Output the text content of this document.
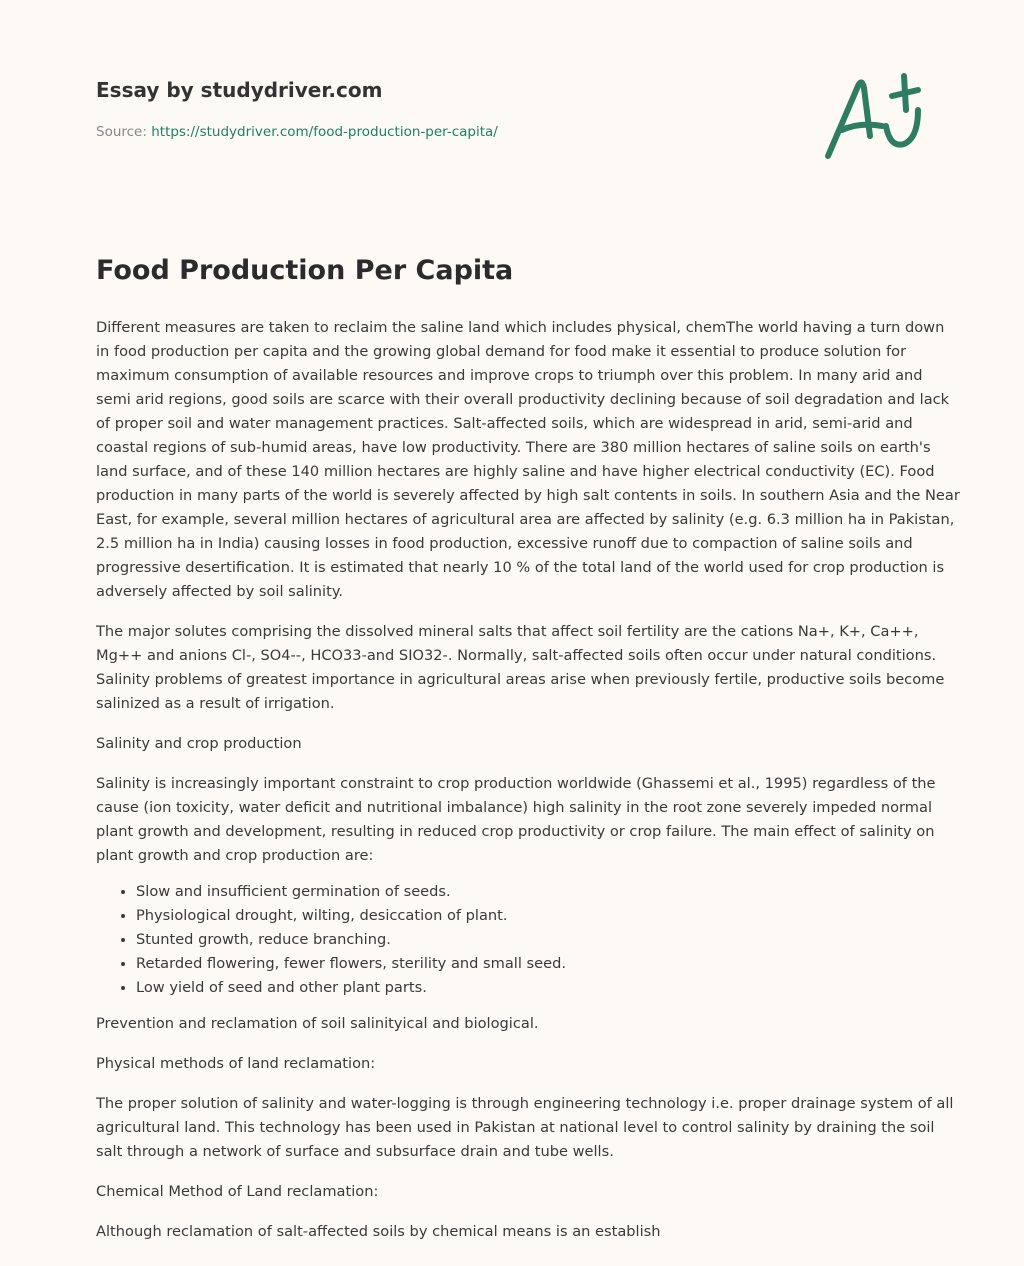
Essay by studydriver.com
Source: https://studydriver.com/food-production-per-capita/
Food Production Per Capita

Different measures are taken to reclaim the saline land which includes physical, chemThe world having a turn down in food production per capita and the growing global demand for food make it essential to produce solution for maximum consumption of available resources and improve crops to triumph over this problem. In many arid and semi arid regions, good soils are scarce with their overall productivity declining because of soil degradation and lack of proper soil and water management practices. Salt-affected soils, which are widespread in arid, semi-arid and coastal regions of sub-humid areas, have low productivity. There are 380 million hectares of saline soils on earth's land surface, and of these 140 million hectares are highly saline and have higher electrical conductivity (EC). Food production in many parts of the world is severely affected by high salt contents in soils. In southern Asia and the Near East, for example, several million hectares of agricultural area are affected by salinity (e.g. 6.3 million ha in Pakistan, 2.5 million ha in India) causing losses in food production, excessive runoff due to compaction of saline soils and progressive desertification. It is estimated that nearly 10 % of the total land of the world used for crop production is adversely affected by soil salinity.

The major solutes comprising the dissolved mineral salts that affect soil fertility are the cations Na+, K+, Ca++, Mg++ and anions Cl-, SO4--, HCO33-and SIO32-. Normally, salt-affected soils often occur under natural conditions. Salinity problems of greatest importance in agricultural areas arise when previously fertile, productive soils become salinized as a result of irrigation.

Salinity and crop production

Salinity is increasingly important constraint to crop production worldwide (Ghassemi et al., 1995) regardless of the cause (ion toxicity, water deficit and nutritional imbalance) high salinity in the root zone severely impeded normal plant growth and development, resulting in reduced crop productivity or crop failure. The main effect of salinity on plant growth and crop production are:

• Slow and insufficient germination of seeds.
• Physiological drought, wilting, desiccation of plant.
• Stunted growth, reduce branching.
• Retarded flowering, fewer flowers, sterility and small seed.
• Low yield of seed and other plant parts.

Prevention and reclamation of soil salinityical and biological.

Physical methods of land reclamation:

The proper solution of salinity and water-logging is through engineering technology i.e. proper drainage system of all agricultural land. This technology has been used in Pakistan at national level to control salinity by draining the soil salt through a network of surface and subsurface drain and tube wells.

Chemical Method of Land reclamation:

Although reclamation of salt-affected soils by chemical means is an establish
